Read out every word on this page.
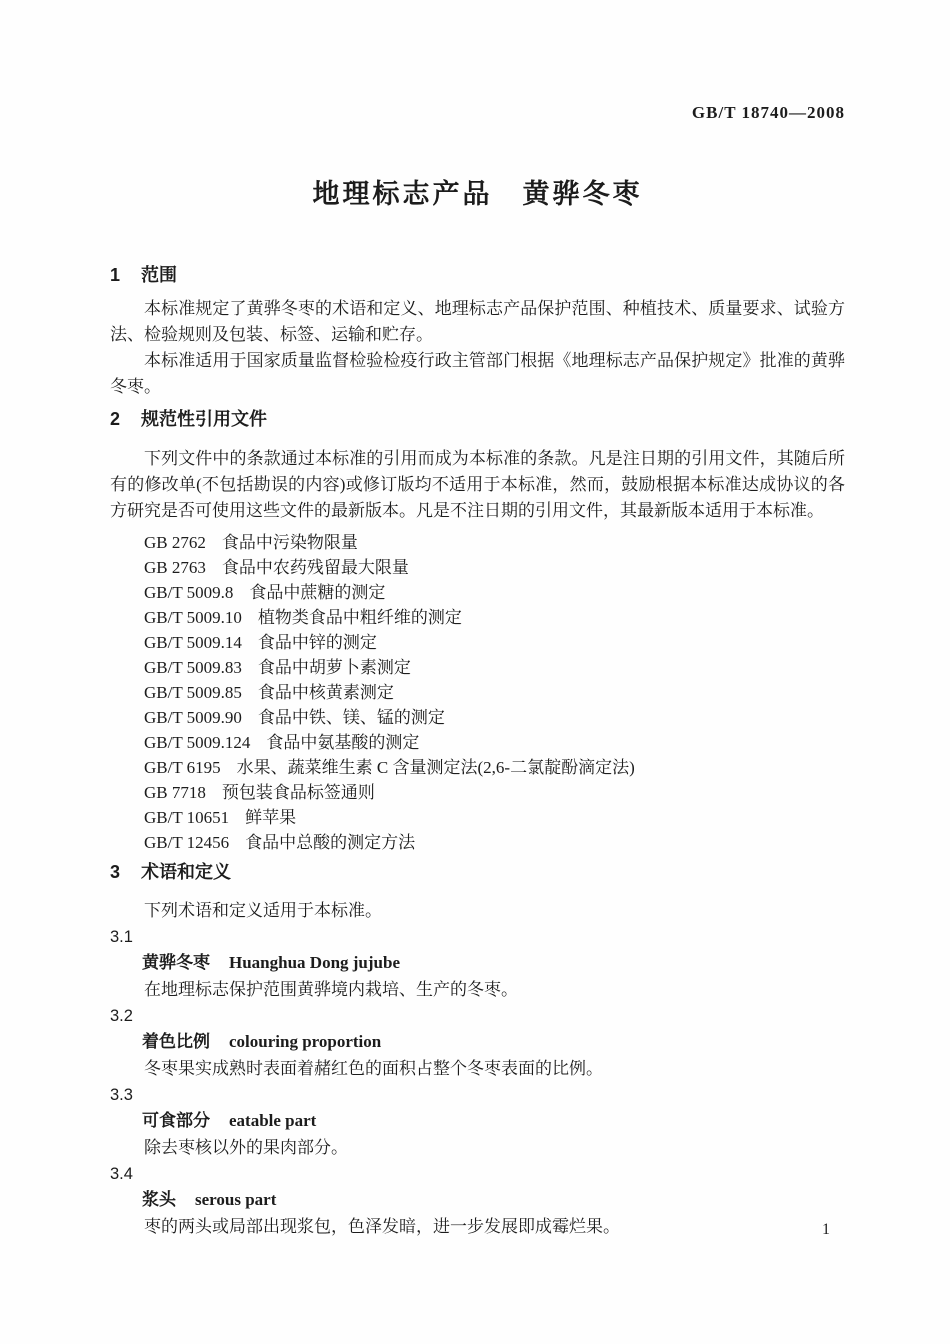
GB/T 18740—2008
地理标志产品　黄骅冬枣
1 范围

本标准规定了黄骅冬枣的术语和定义、地理标志产品保护范围、种植技术、质量要求、试验方法、检验规则及包装、标签、运输和贮存。

本标准适用于国家质量监督检验检疫行政主管部门根据《地理标志产品保护规定》批准的黄骅冬枣。

2 规范性引用文件

下列文件中的条款通过本标准的引用而成为本标准的条款。凡是注日期的引用文件，其随后所有的修改单(不包括勘误的内容)或修订版均不适用于本标准，然而，鼓励根据本标准达成协议的各方研究是否可使用这些文件的最新版本。凡是不注日期的引用文件，其最新版本适用于本标准。

GB 2762 食品中污染物限量
GB 2763 食品中农药残留最大限量
GB/T 5009.8 食品中蔗糖的测定
GB/T 5009.10 植物类食品中粗纤维的测定
GB/T 5009.14 食品中锌的测定
GB/T 5009.83 食品中胡萝卜素测定
GB/T 5009.85 食品中核黄素测定
GB/T 5009.90 食品中铁、镁、锰的测定
GB/T 5009.124 食品中氨基酸的测定
GB/T 6195 水果、蔬菜维生素 C 含量测定法(2,6-二氯靛酚滴定法)
GB 7718 预包装食品标签通则
GB/T 10651 鲜苹果
GB/T 12456 食品中总酸的测定方法
3 术语和定义

下列术语和定义适用于本标准。

3.1
黄骅冬枣 Huanghua Dong jujube
在地理标志保护范围黄骅境内栽培、生产的冬枣。
3.2
着色比例 colouring proportion
冬枣果实成熟时表面着赭红色的面积占整个冬枣表面的比例。
3.3
可食部分 eatable part
除去枣核以外的果肉部分。
3.4
浆头 serous part
枣的两头或局部出现浆包，色泽发暗，进一步发展即成霉烂果。	1
